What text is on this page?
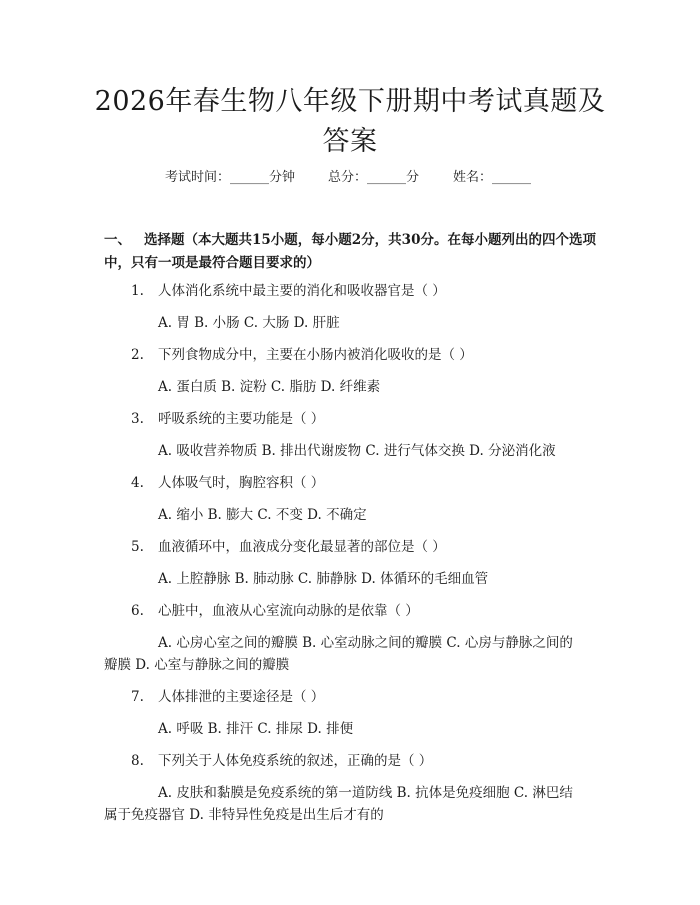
2026年春生物八年级下册期中考试真题及答案
考试时间：______分钟	总分：______分	姓名：______
一、 选择题（本大题共15小题，每小题2分，共30分。在每小题列出的四个选项中，只有一项是最符合题目要求的）
1. 人体消化系统中最主要的消化和吸收器官是（ ）
A. 胃 B. 小肠 C. 大肠 D. 肝脏
2. 下列食物成分中，主要在小肠内被消化吸收的是（ ）
A. 蛋白质 B. 淀粉 C. 脂肪 D. 纤维素
3. 呼吸系统的主要功能是（ ）
A. 吸收营养物质 B. 排出代谢废物 C. 进行气体交换 D. 分泌消化液
4. 人体吸气时，胸腔容积（ ）
A. 缩小 B. 膨大 C. 不变 D. 不确定
5. 血液循环中，血液成分变化最显著的部位是（ ）
A. 上腔静脉 B. 肺动脉 C. 肺静脉 D. 体循环的毛细血管
6. 心脏中，血液从心室流向动脉的是依靠（ ）
A. 心房心室之间的瓣膜 B. 心室动脉之间的瓣膜 C. 心房与静脉之间的
瓣膜 D. 心室与静脉之间的瓣膜
7. 人体排泄的主要途径是（ ）
A. 呼吸 B. 排汗 C. 排尿 D. 排便
8. 下列关于人体免疫系统的叙述，正确的是（ ）
A. 皮肤和黏膜是免疫系统的第一道防线 B. 抗体是免疫细胞 C. 淋巴结
属于免疫器官 D. 非特异性免疫是出生后才有的
